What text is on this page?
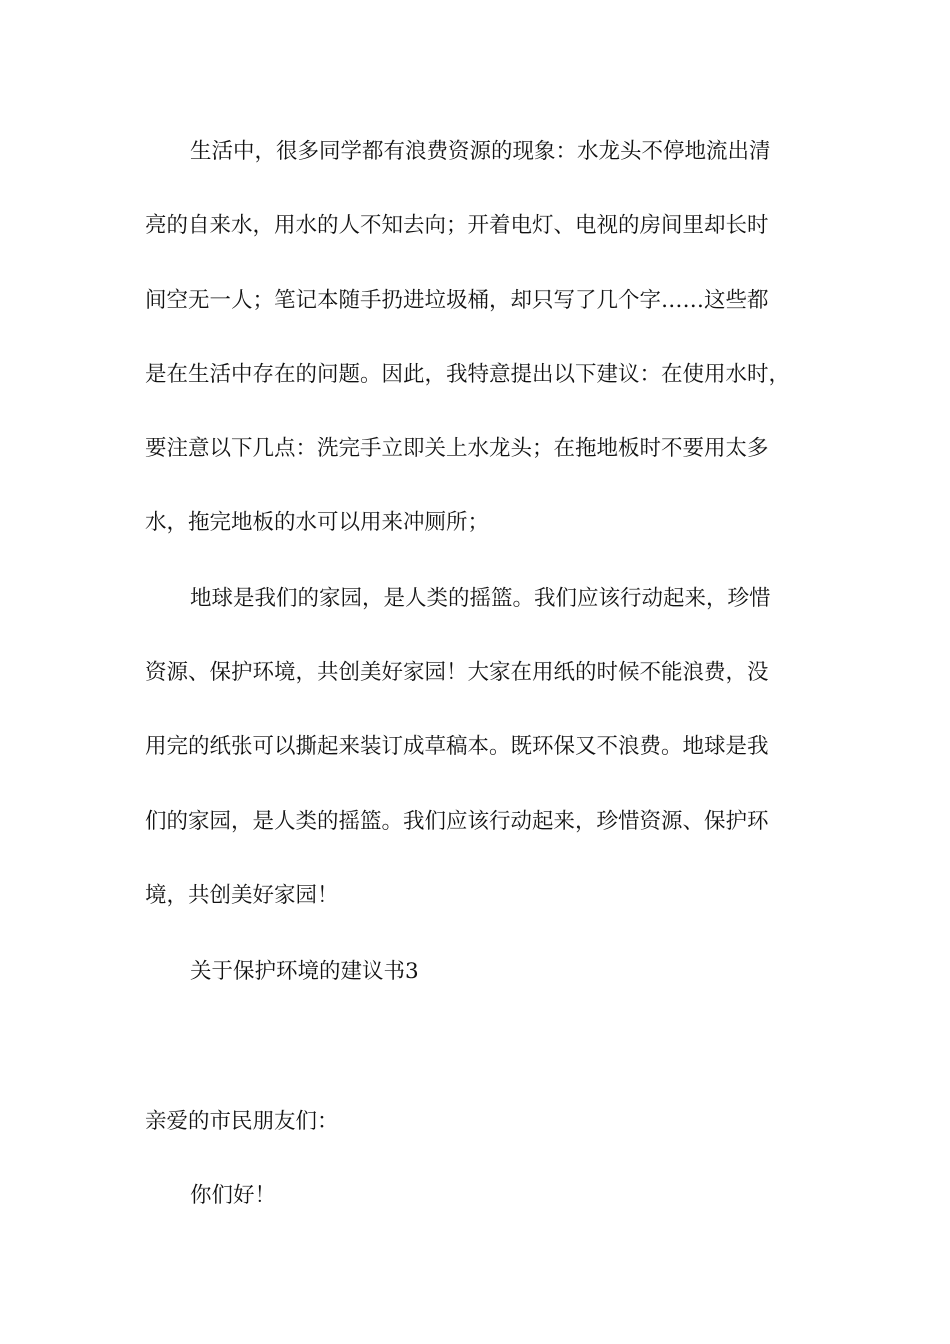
生活中，很多同学都有浪费资源的现象：水龙头不停地流出清

亮的自来水，用水的人不知去向；开着电灯、电视的房间里却长时

间空无一人；笔记本随手扔进垃圾桶，却只写了几个字……这些都

是在生活中存在的问题。因此，我特意提出以下建议：在使用水时，

要注意以下几点：洗完手立即关上水龙头；在拖地板时不要用太多

水，拖完地板的水可以用来冲厕所；

地球是我们的家园，是人类的摇篮。我们应该行动起来，珍惜

资源、保护环境，共创美好家园！大家在用纸的时候不能浪费，没

用完的纸张可以撕起来装订成草稿本。既环保又不浪费。地球是我

们的家园，是人类的摇篮。我们应该行动起来，珍惜资源、保护环

境，共创美好家园！

关于保护环境的建议书3

亲爱的市民朋友们：

你们好！
